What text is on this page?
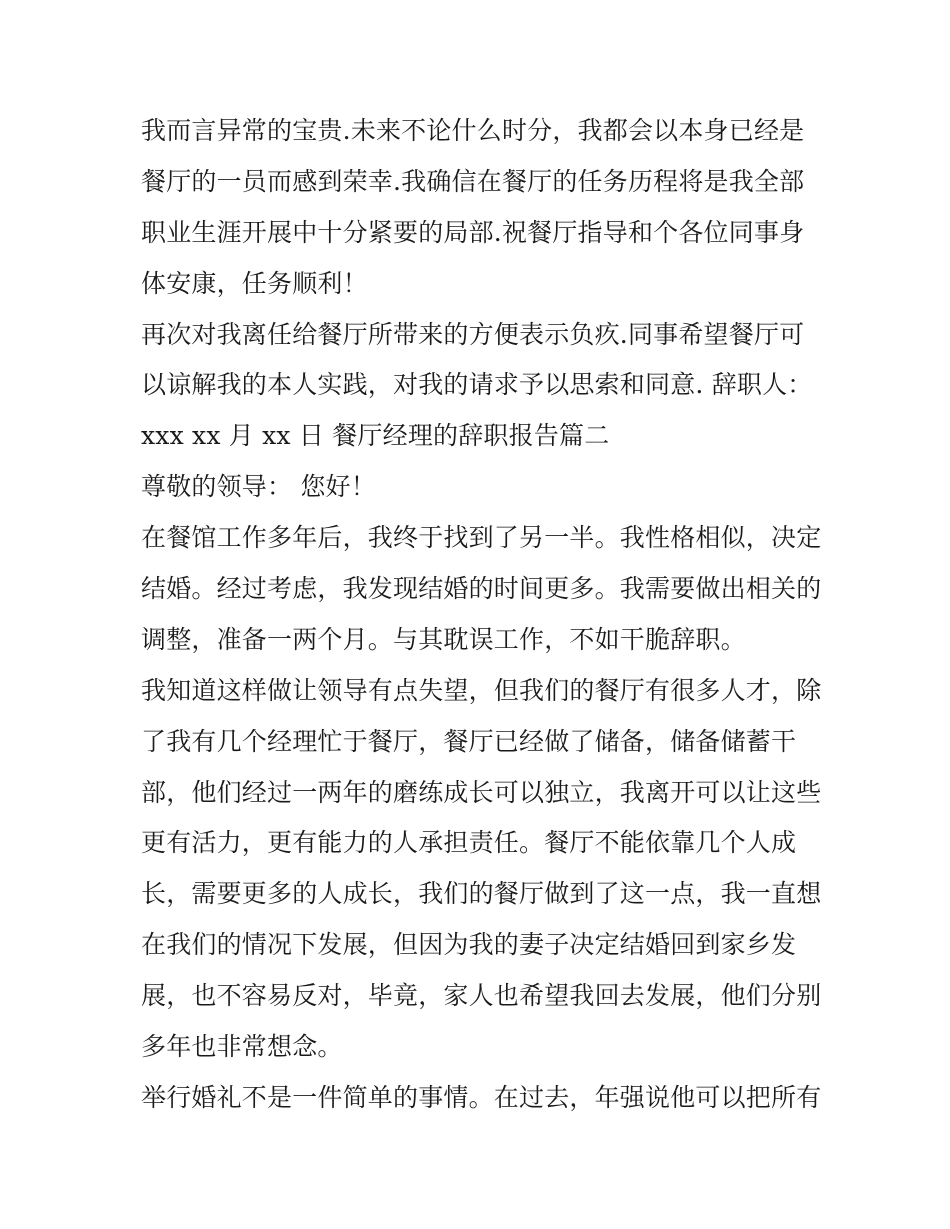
我而言异常的宝贵.未来不论什么时分，我都会以本身已经是
餐厅的一员而感到荣幸.我确信在餐厅的任务历程将是我全部
职业生涯开展中十分紧要的局部.祝餐厅指导和个各位同事身
体安康，任务顺利！
再次对我离任给餐厅所带来的方便表示负疚.同事希望餐厅可
以谅解我的本人实践，对我的请求予以思索和同意. 辞职人：
xxx xx 月 xx 日 餐厅经理的辞职报告篇二
尊敬的领导： 您好！
在餐馆工作多年后，我终于找到了另一半。我性格相似，决定
结婚。经过考虑，我发现结婚的时间更多。我需要做出相关的
调整，准备一两个月。与其耽误工作，不如干脆辞职。
我知道这样做让领导有点失望，但我们的餐厅有很多人才，除
了我有几个经理忙于餐厅，餐厅已经做了储备，储备储蓄干
部，他们经过一两年的磨练成长可以独立，我离开可以让这些
更有活力，更有能力的人承担责任。餐厅不能依靠几个人成
长，需要更多的人成长，我们的餐厅做到了这一点，我一直想
在我们的情况下发展，但因为我的妻子决定结婚回到家乡发
展，也不容易反对，毕竟，家人也希望我回去发展，他们分别
多年也非常想念。
举行婚礼不是一件简单的事情。在过去，年强说他可以把所有
